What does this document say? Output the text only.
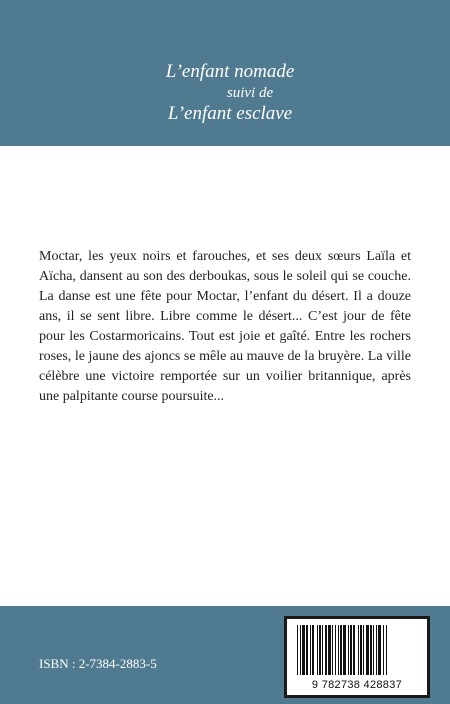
L’enfant nomade
suivi de
L’enfant esclave

Moctar, les yeux noirs et farouches, et ses deux sœurs Laïla et Aïcha, dansent au son des derboukas, sous le soleil qui se couche. La danse est une fête pour Moctar, l’enfant du désert. Il a douze ans, il se sent libre. Libre comme le désert... C’est jour de fête pour les Costarmoricains. Tout est joie et gaîté. Entre les rochers roses, le jaune des ajoncs se mêle au mauve de la bruyère. La ville célèbre une victoire remportée sur un voilier britannique, après une palpitante course poursuite...

ISBN : 2-7384-2883-5
9 782738 428837
